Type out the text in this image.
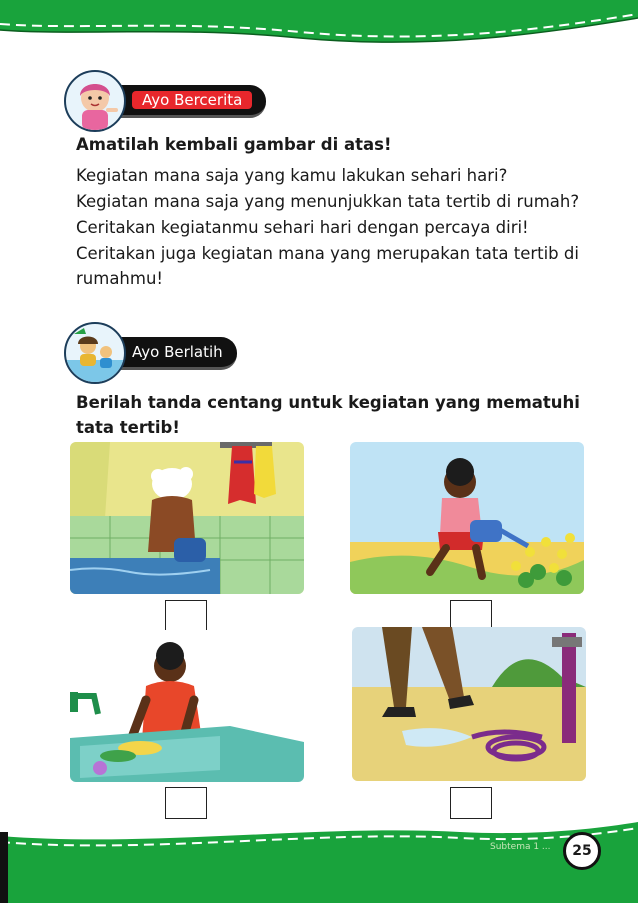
Ayo Bercerita

Amatilah kembali gambar di atas!

Kegiatan mana saja yang kamu lakukan sehari hari?

Kegiatan mana saja yang menunjukkan tata tertib di rumah?

Ceritakan kegiatanmu sehari hari dengan percaya diri!

Ceritakan juga kegiatan mana yang merupakan tata tertib di rumahmu!

Ayo Berlatih
Berilah tanda centang untuk kegiatan yang mematuhi tata tertib!
Subtema 1 ...	25
